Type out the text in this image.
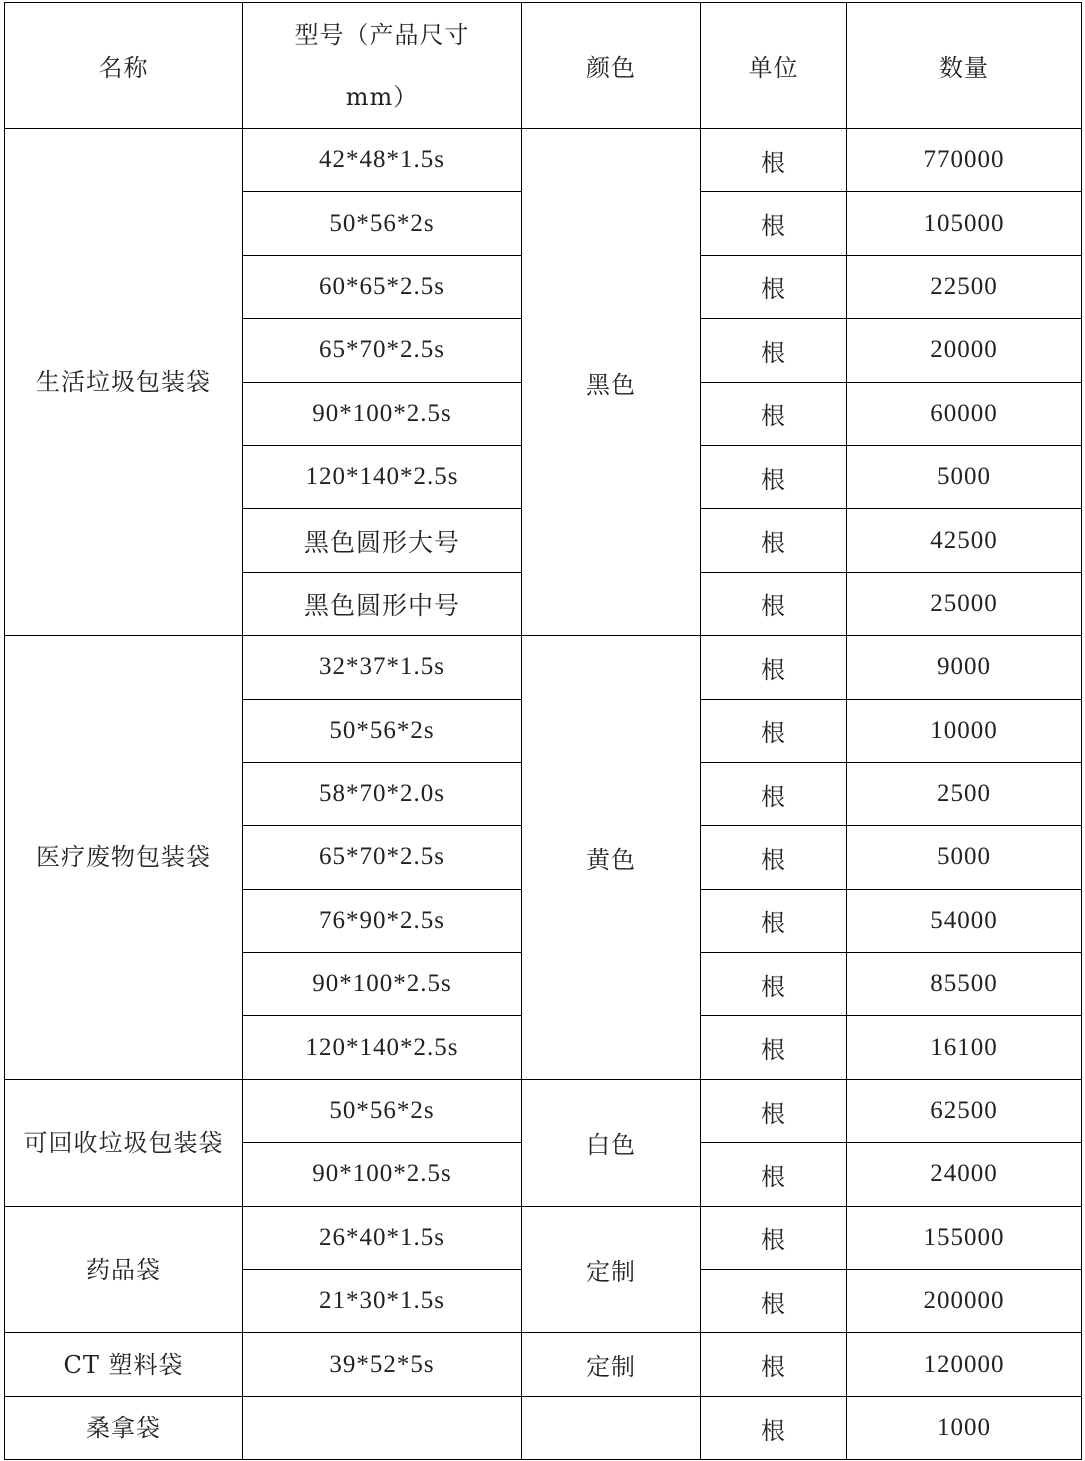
名称	型号（产品尺寸mm）	颜色	单位	数量
生活垃圾包装袋	42*48*1.5s	黑色	根	770000
	50*56*2s		根	105000
	60*65*2.5s		根	22500
	65*70*2.5s		根	20000
	90*100*2.5s		根	60000
	120*140*2.5s		根	5000
	黑色圆形大号		根	42500
	黑色圆形中号		根	25000
医疗废物包装袋	32*37*1.5s	黄色	根	9000
	50*56*2s		根	10000
	58*70*2.0s		根	2500
	65*70*2.5s		根	5000
	76*90*2.5s		根	54000
	90*100*2.5s		根	85500
	120*140*2.5s		根	16100
可回收垃圾包装袋	50*56*2s	白色	根	62500
	90*100*2.5s		根	24000
药品袋	26*40*1.5s	定制	根	155000
	21*30*1.5s		根	200000
CT 塑料袋	39*52*5s	定制	根	120000
桑拿袋			根	1000
